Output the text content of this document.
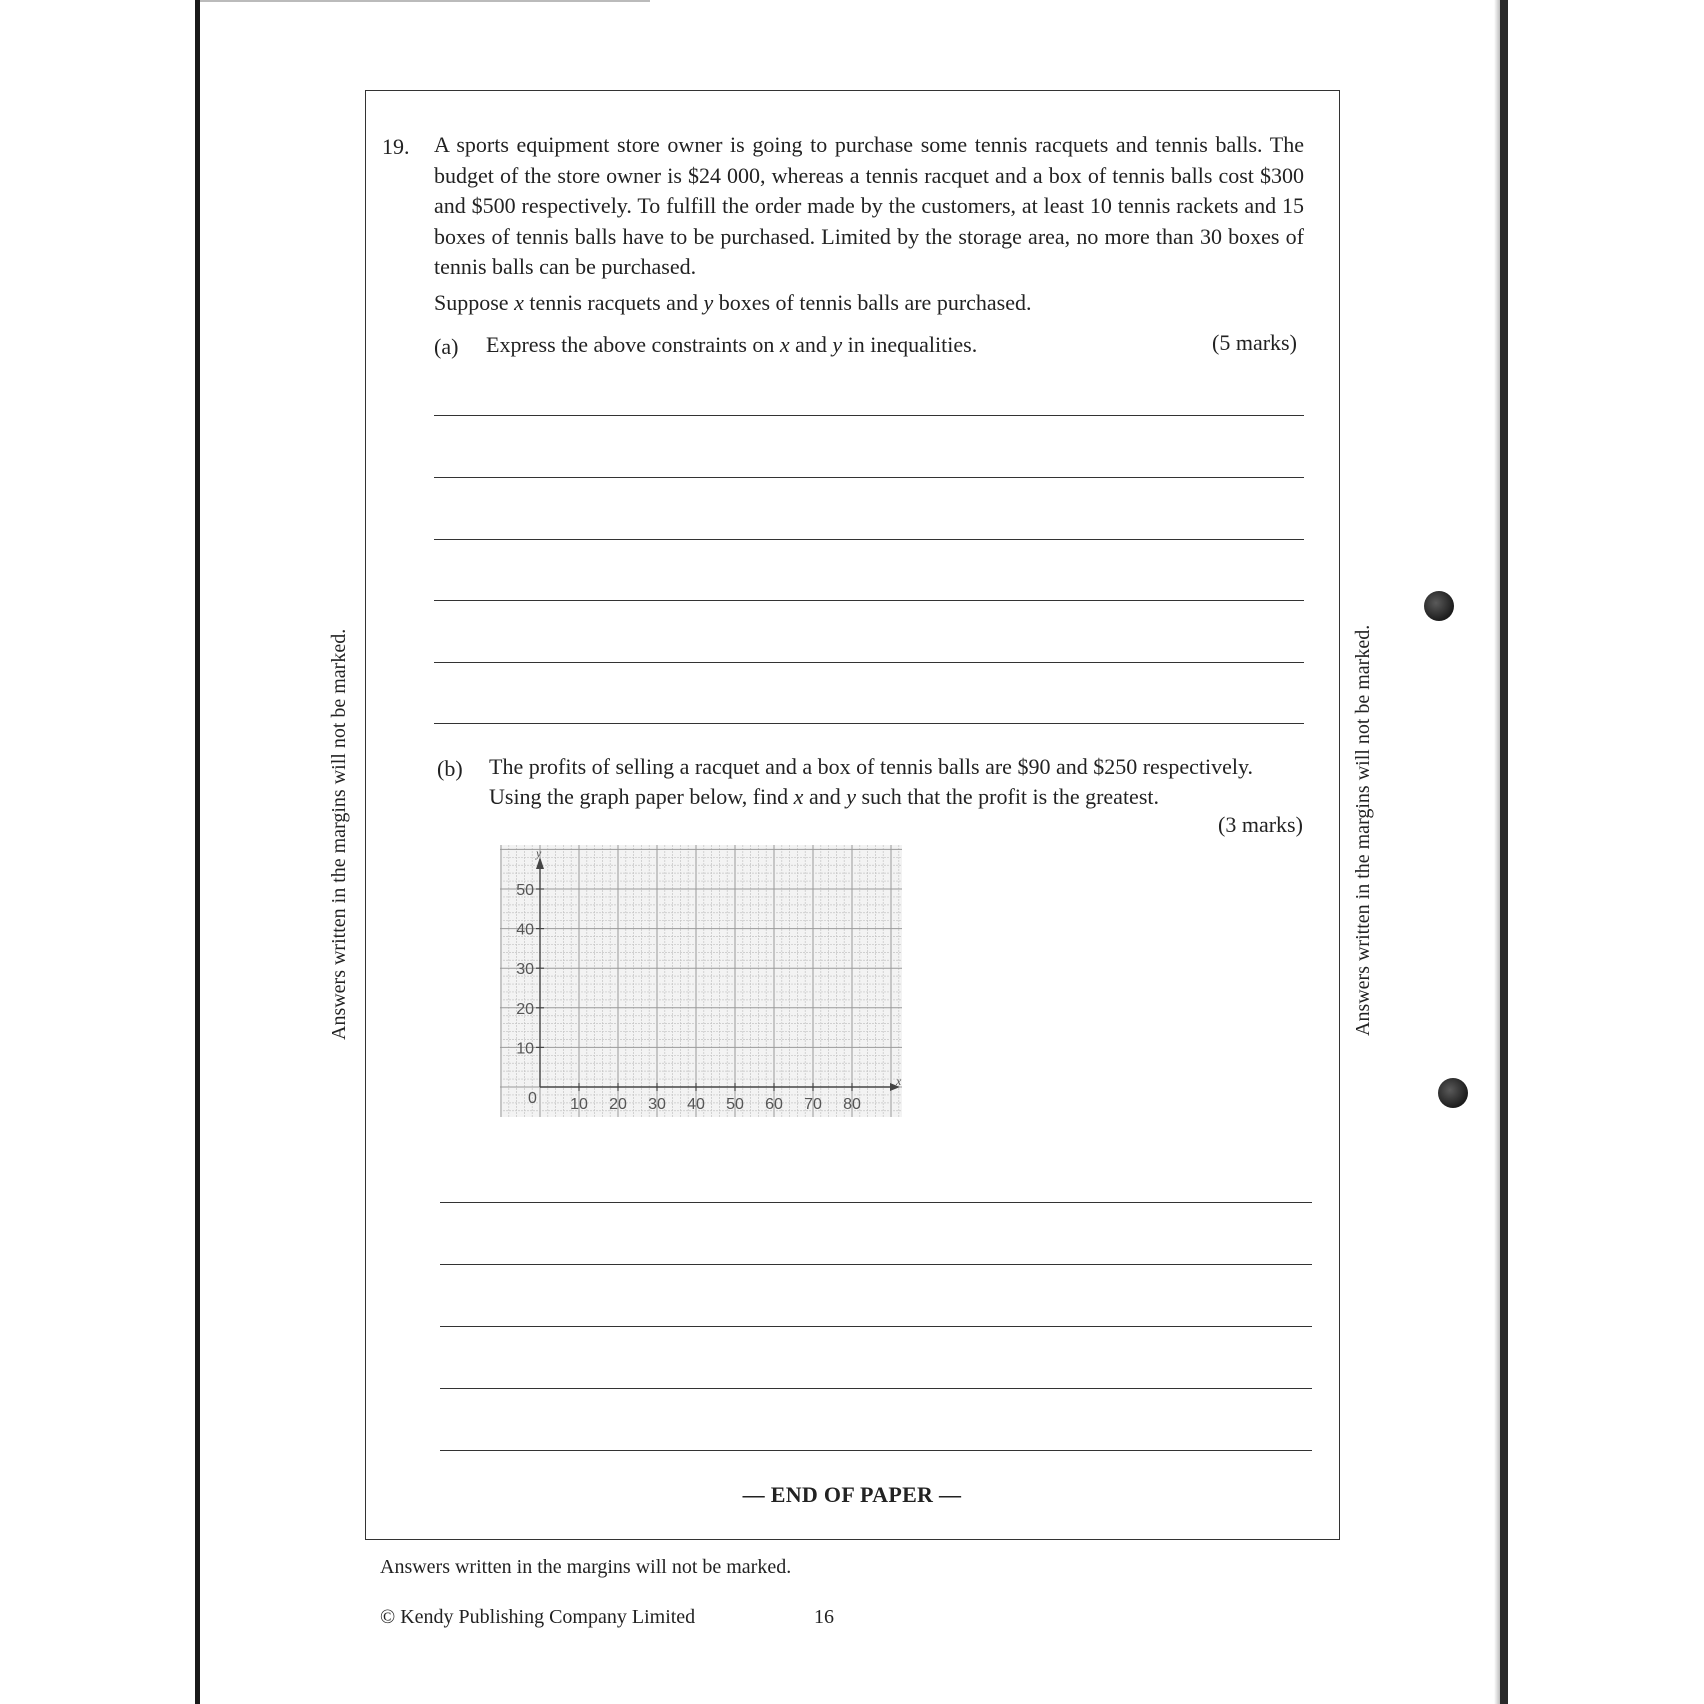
19. A sports equipment store owner is going to purchase some tennis racquets and tennis balls. The budget of the store owner is $24 000, whereas a tennis racquet and a box of tennis balls cost $300 and $500 respectively. To fulfill the order made by the customers, at least 10 tennis rackets and 15 boxes of tennis balls have to be purchased. Limited by the storage area, no more than 30 boxes of tennis balls can be purchased.

Suppose x tennis racquets and y boxes of tennis balls are purchased.
(a) Express the above constraints on x and y in inequalities.	(5 marks)
(b) The profits of selling a racquet and a box of tennis balls are $90 and $250 respectively.
Using the graph paper below, find x and y such that the profit is the greatest.
(3 marks)
x
y
0 10 20 30 40 50 60 70 80
10
20
30
40
50
— END OF PAPER —
Answers written in the margins will not be marked.	Answers written in the margins will not be marked.
Answers written in the margins will not be marked.
© Kendy Publishing Company Limited	16
